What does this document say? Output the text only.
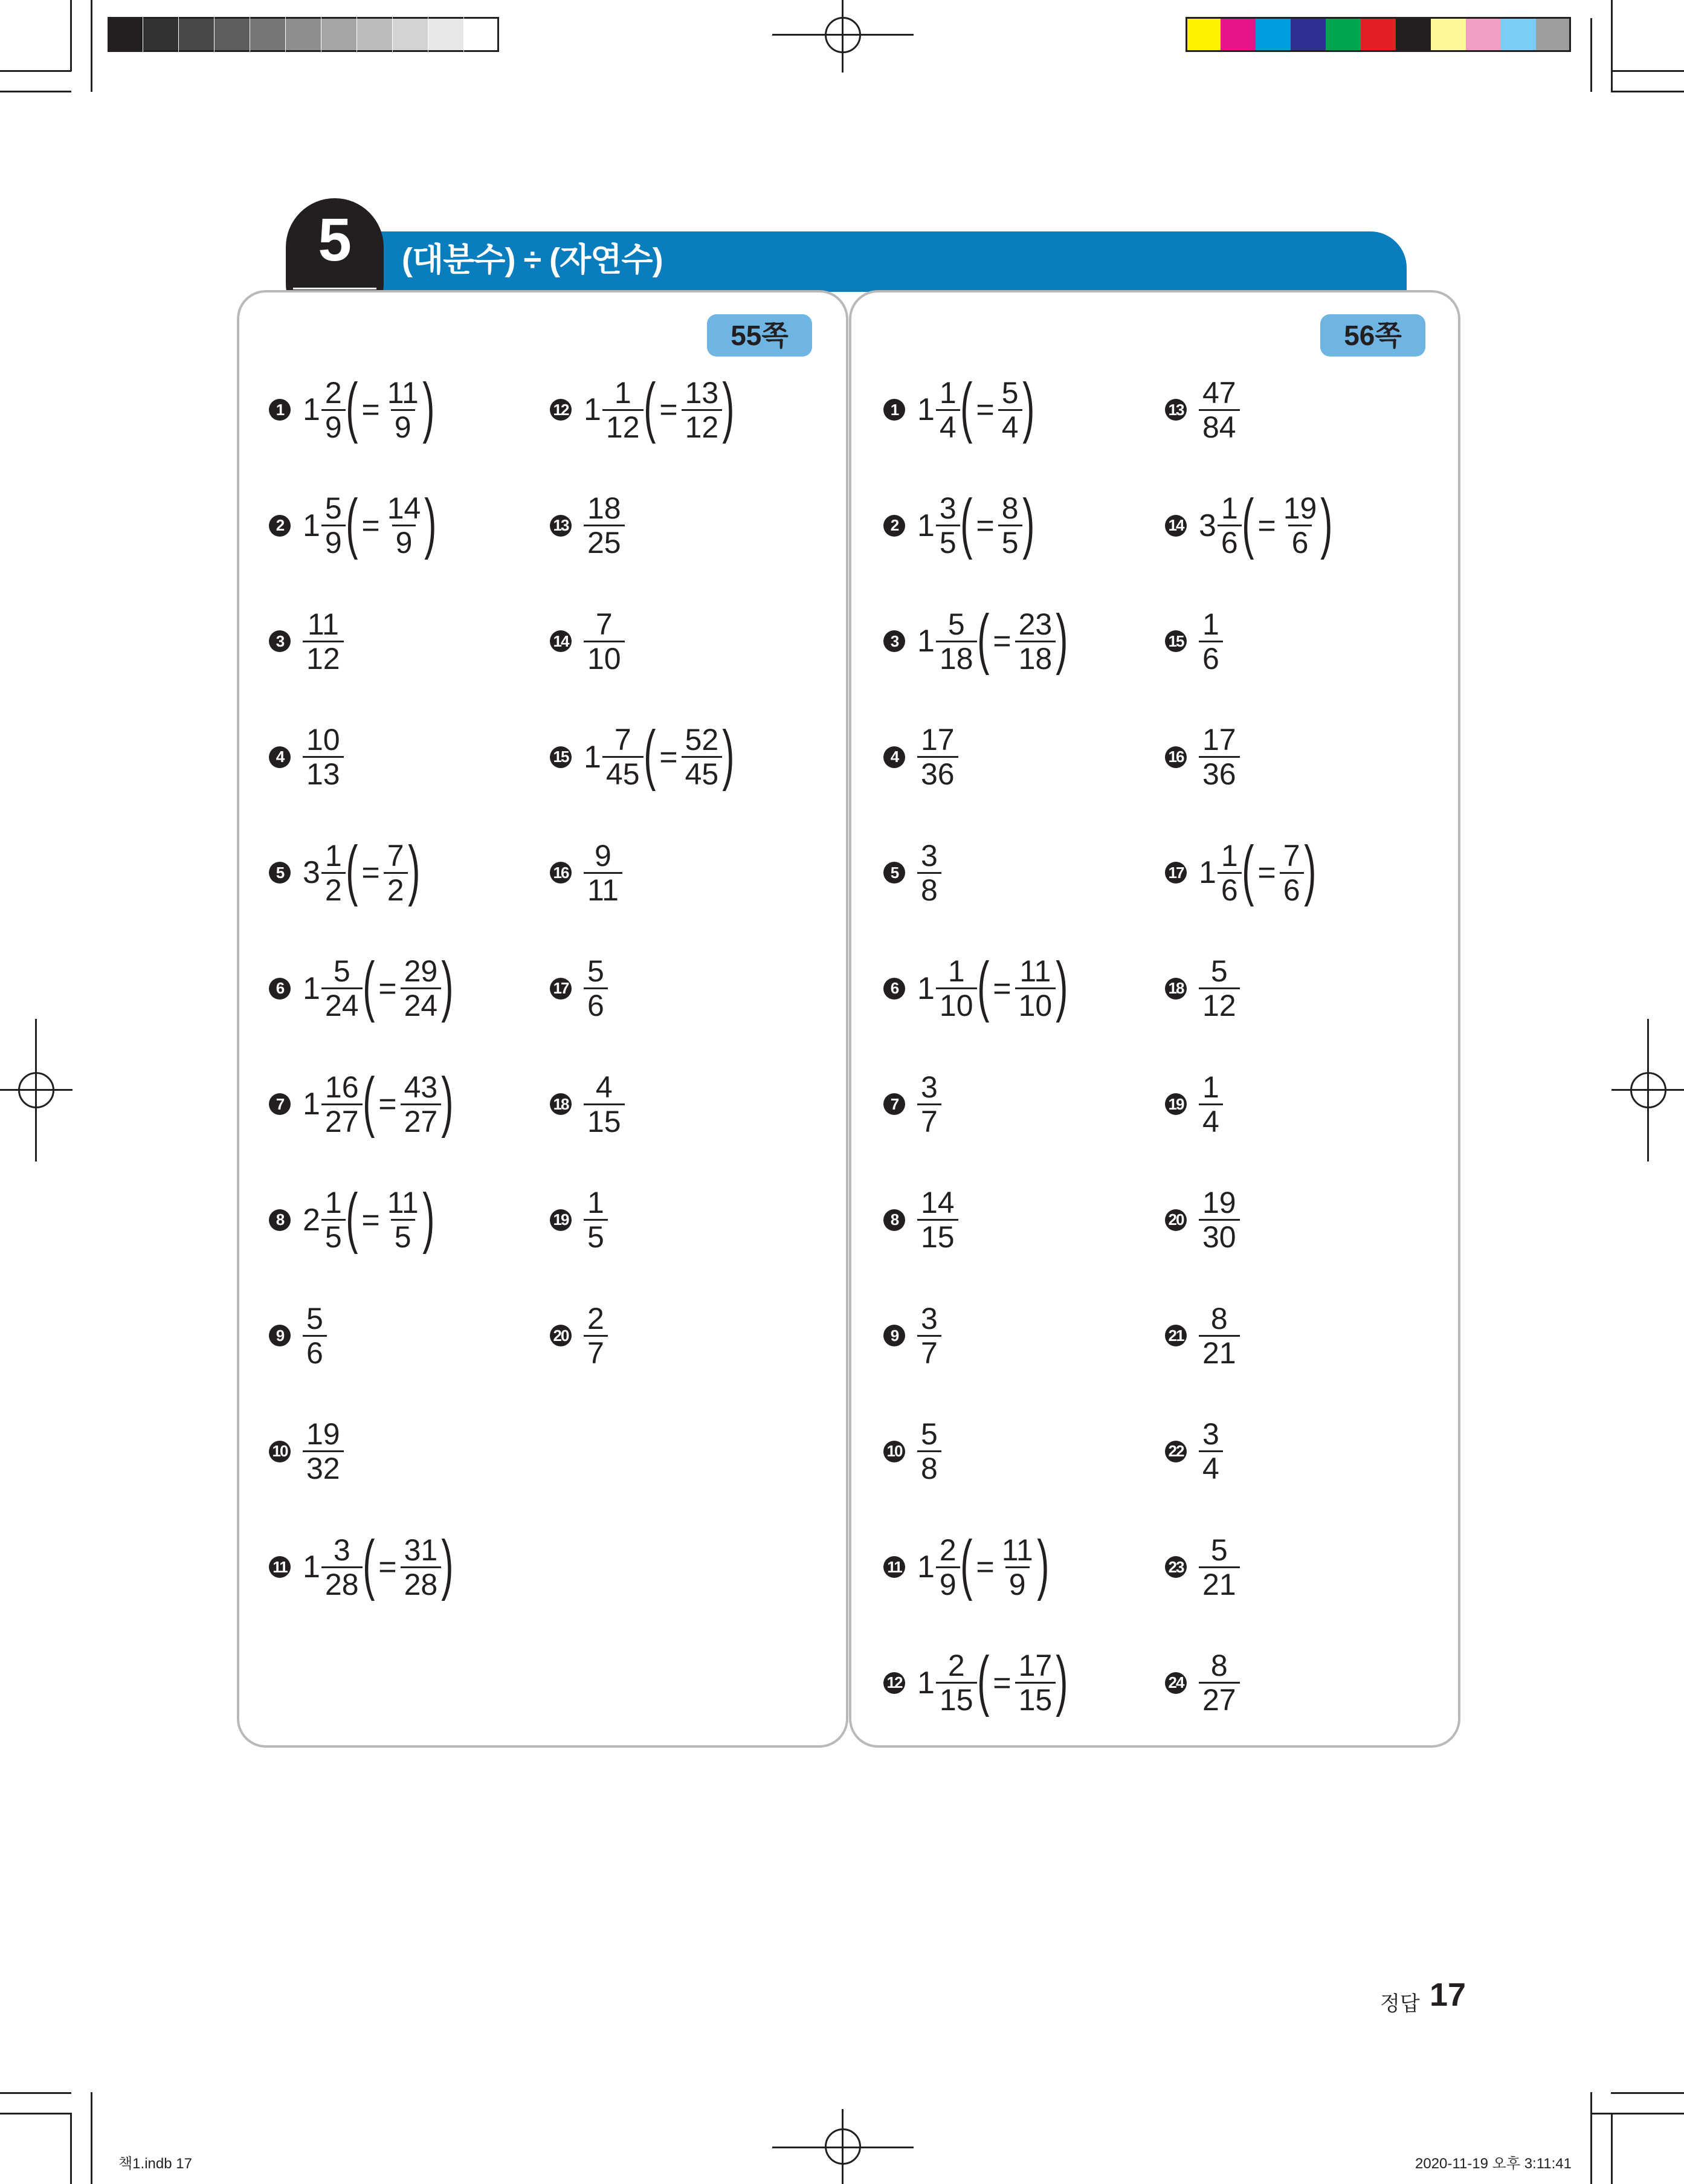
(대분수) ÷ (자연수)
5
55쪽	56쪽
1 $1 \frac{2}{9}$ ( = $\frac{11}{9}$ )
2 $1 \frac{5}{9}$ ( = $\frac{14}{9}$ )
$3 \frac{11}{12}$
$4 \frac{10}{13}$
5 $3 \frac{1}{2}$ ( = $\frac{7}{2}$ )
6 $1 \frac{5}{24}$ ( = $\frac{29}{24}$ )
7 $1 \frac{16}{27}$ ( = $\frac{43}{27}$ )
8 $2 \frac{1}{5}$ ( = $\frac{11}{5}$ )
$9 \frac{5}{6}$
$10 \frac{19}{32}$
11 $1 \frac{3}{28}$ ( = $\frac{31}{28}$ )
12 $1 \frac{1}{12}$ ( = $\frac{13}{12}$ )
$13 \frac{18}{25}$
$14 \frac{7}{10}$
15 $1 \frac{7}{45}$ ( = $\frac{52}{45}$ )
$16 \frac{9}{11}$
$17 \frac{5}{6}$
$18 \frac{4}{15}$
$19 \frac{1}{5}$
$20 \frac{2}{7}$
1 $1 \frac{1}{4}$ ( = $\frac{5}{4}$ )
2 $1 \frac{3}{5}$ ( = $\frac{8}{5}$ )
3 $1 \frac{5}{18}$ ( = $\frac{23}{18}$ )
$4 \frac{17}{36}$
$5 \frac{3}{8}$
6 $1 \frac{1}{10}$ ( = $\frac{11}{10}$ )
$7 \frac{3}{7}$
$8 \frac{14}{15}$
$9 \frac{3}{7}$
$10 \frac{5}{8}$
11 $1 \frac{2}{9}$ ( = $\frac{11}{9}$ )
12 $1 \frac{2}{15}$ ( = $\frac{17}{15}$ )
$13 \frac{47}{84}$
14 $3 \frac{1}{6}$ ( = $\frac{19}{6}$ )
$15 \frac{1}{6}$
$16 \frac{17}{36}$
17 $1 \frac{1}{6}$ ( = $\frac{7}{6}$ )
$18 \frac{5}{12}$
$19 \frac{1}{4}$
$20 \frac{19}{30}$
$21 \frac{8}{21}$
$22 \frac{3}{4}$
$23 \frac{5}{21}$
$24 \frac{8}{27}$
정답 17
책1.indb 17	2020-11-19 오후 3:11:41
